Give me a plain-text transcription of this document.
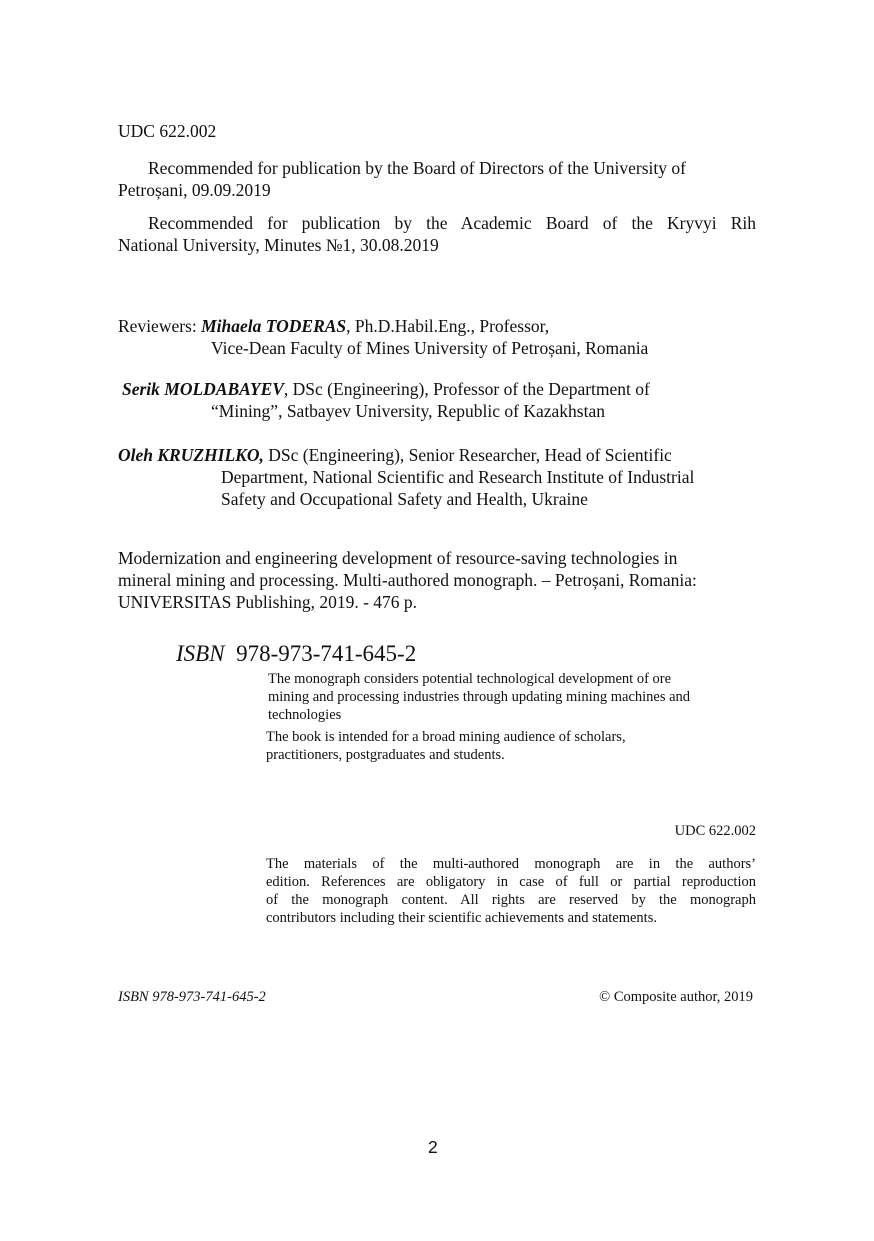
UDC 622.002
Recommended for publication by the Board of Directors of the University of
Petroșani, 09.09.2019
Recommended for publication by the Academic Board of the Kryvyi Rih
National University, Minutes №1, 30.08.2019
Reviewers: Mihaela TODERAS, Ph.D.Habil.Eng., Professor,
Vice-Dean Faculty of Mines University of Petroșani, Romania
Serik MOLDABAYEV, DSc (Engineering), Professor of the Department of
“Mining”, Satbayev University, Republic of Kazakhstan
Oleh KRUZHILKO, DSc (Engineering), Senior Researcher, Head of Scientific
Department, National Scientific and Research Institute of Industrial
Safety and Occupational Safety and Health, Ukraine
Modernization and engineering development of resource-saving technologies in
mineral mining and processing. Multi-authored monograph. – Petroșani, Romania:
UNIVERSITAS Publishing, 2019. - 476 p.
ISBN 978-973-741-645-2
The monograph considers potential technological development of ore
mining and processing industries through updating mining machines and
technologies
The book is intended for a broad mining audience of scholars,
practitioners, postgraduates and students.
UDC 622.002
The materials of the multi-authored monograph are in the authors’
edition. References are obligatory in case of full or partial reproduction
of the monograph content. All rights are reserved by the monograph
contributors including their scientific achievements and statements.
ISBN 978-973-741-645-2	© Composite author, 2019
2
